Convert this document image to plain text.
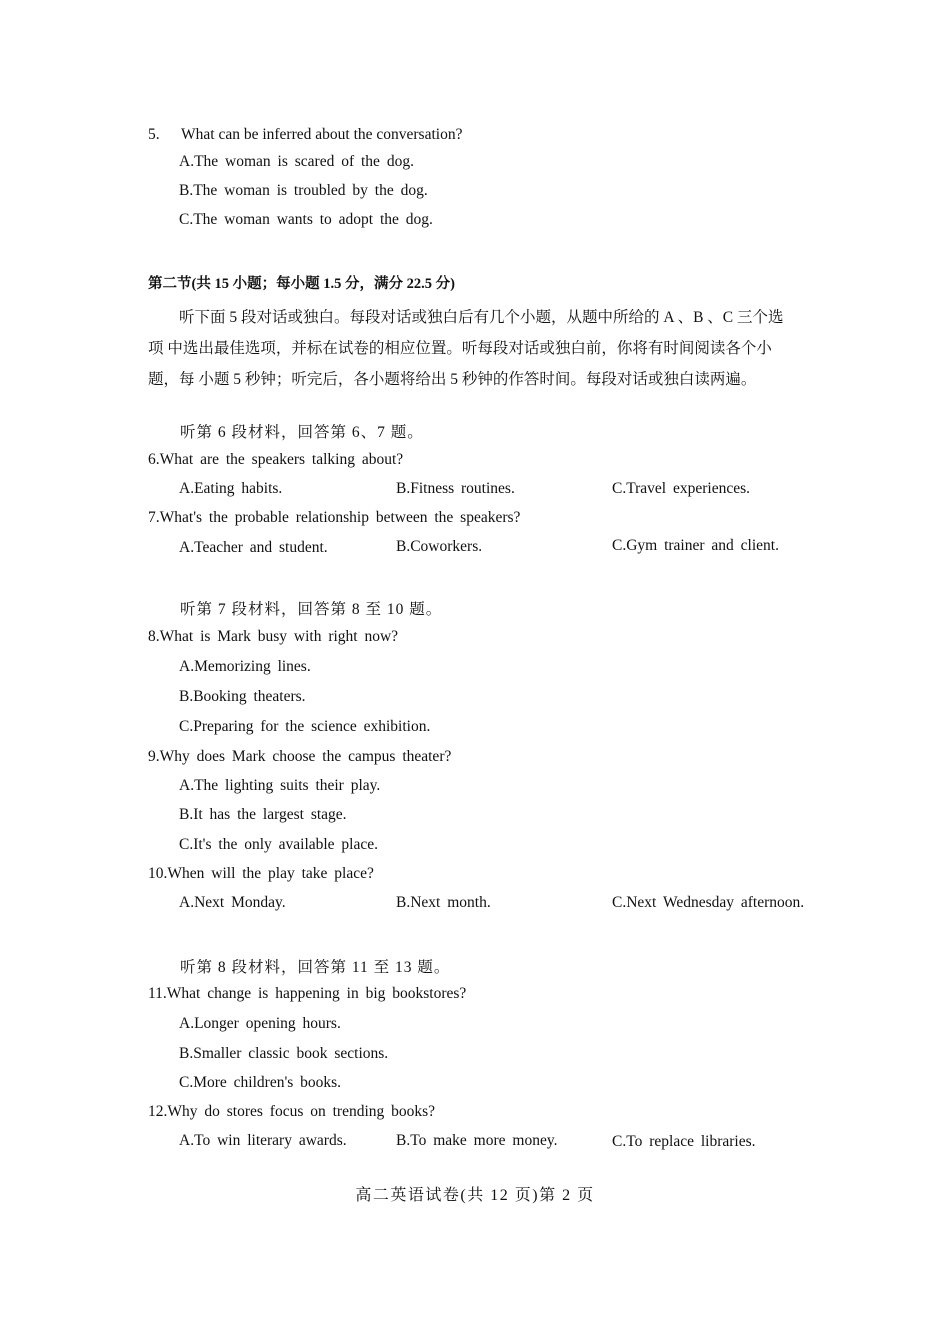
5. What can be inferred about the conversation?
A.The woman is scared of the dog.
B.The woman is troubled by the dog.
C.The woman wants to adopt the dog.
第二节(共 15 小题；每小题 1.5 分，满分 22.5 分)
听下面 5 段对话或独白。每段对话或独白后有几个小题，从题中所给的 A 、B 、C 三个选
项 中选出最佳选项，并标在试卷的相应位置。听每段对话或独白前，你将有时间阅读各个小
题，每 小题 5 秒钟；听完后，各小题将给出 5 秒钟的作答时间。每段对话或独白读两遍。
听第 6 段材料，回答第 6、7 题。
6.What are the speakers talking about?
A.Eating habits.	B.Fitness routines.	C.Travel experiences.
7.What's the probable relationship between the speakers?
A.Teacher and student.	B.Coworkers.	C.Gym trainer and client.
听第 7 段材料，回答第 8 至 10 题。
8.What is Mark busy with right now?
A.Memorizing lines.
B.Booking theaters.
C.Preparing for the science exhibition.
9.Why does Mark choose the campus theater?
A.The lighting suits their play.
B.It has the largest stage.
C.It's the only available place.
10.When will the play take place?
A.Next Monday.	B.Next month.	C.Next Wednesday afternoon.
听第 8 段材料，回答第 11 至 13 题。
11.What change is happening in big bookstores?
A.Longer opening hours.
B.Smaller classic book sections.
C.More children's books.
12.Why do stores focus on trending books?
A.To win literary awards.	B.To make more money.	C.To replace libraries.
高二英语试卷(共 12 页)第 2 页
